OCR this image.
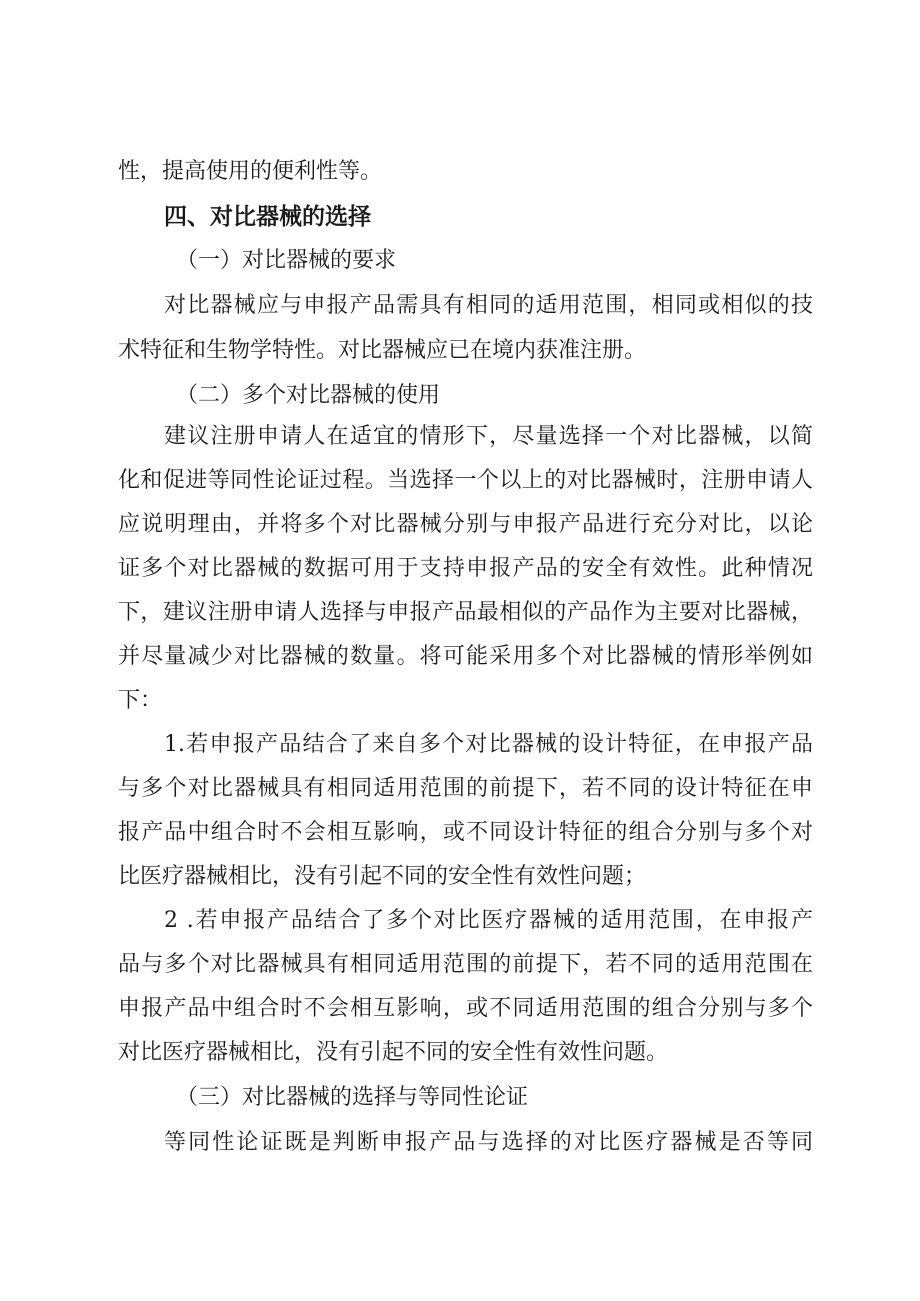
性，提高使用的便利性等。
四、对比器械的选择
（一）对比器械的要求
对比器械应与申报产品需具有相同的适用范围，相同或相似的技
术特征和生物学特性。对比器械应已在境内获准注册。
（二）多个对比器械的使用
建议注册申请人在适宜的情形下，尽量选择一个对比器械，以简
化和促进等同性论证过程。当选择一个以上的对比器械时，注册申请人
应说明理由，并将多个对比器械分别与申报产品进行充分对比，以论
证多个对比器械的数据可用于支持申报产品的安全有效性。此种情况
下，建议注册申请人选择与申报产品最相似的产品作为主要对比器械，
并尽量减少对比器械的数量。将可能采用多个对比器械的情形举例如
下：
1.若申报产品结合了来自多个对比器械的设计特征，在申报产品
与多个对比器械具有相同适用范围的前提下，若不同的设计特征在申
报产品中组合时不会相互影响，或不同设计特征的组合分别与多个对
比医疗器械相比，没有引起不同的安全性有效性问题；
2 .若申报产品结合了多个对比医疗器械的适用范围，在申报产
品与多个对比器械具有相同适用范围的前提下，若不同的适用范围在
申报产品中组合时不会相互影响，或不同适用范围的组合分别与多个
对比医疗器械相比，没有引起不同的安全性有效性问题。
（三）对比器械的选择与等同性论证
等同性论证既是判断申报产品与选择的对比医疗器械是否等同
